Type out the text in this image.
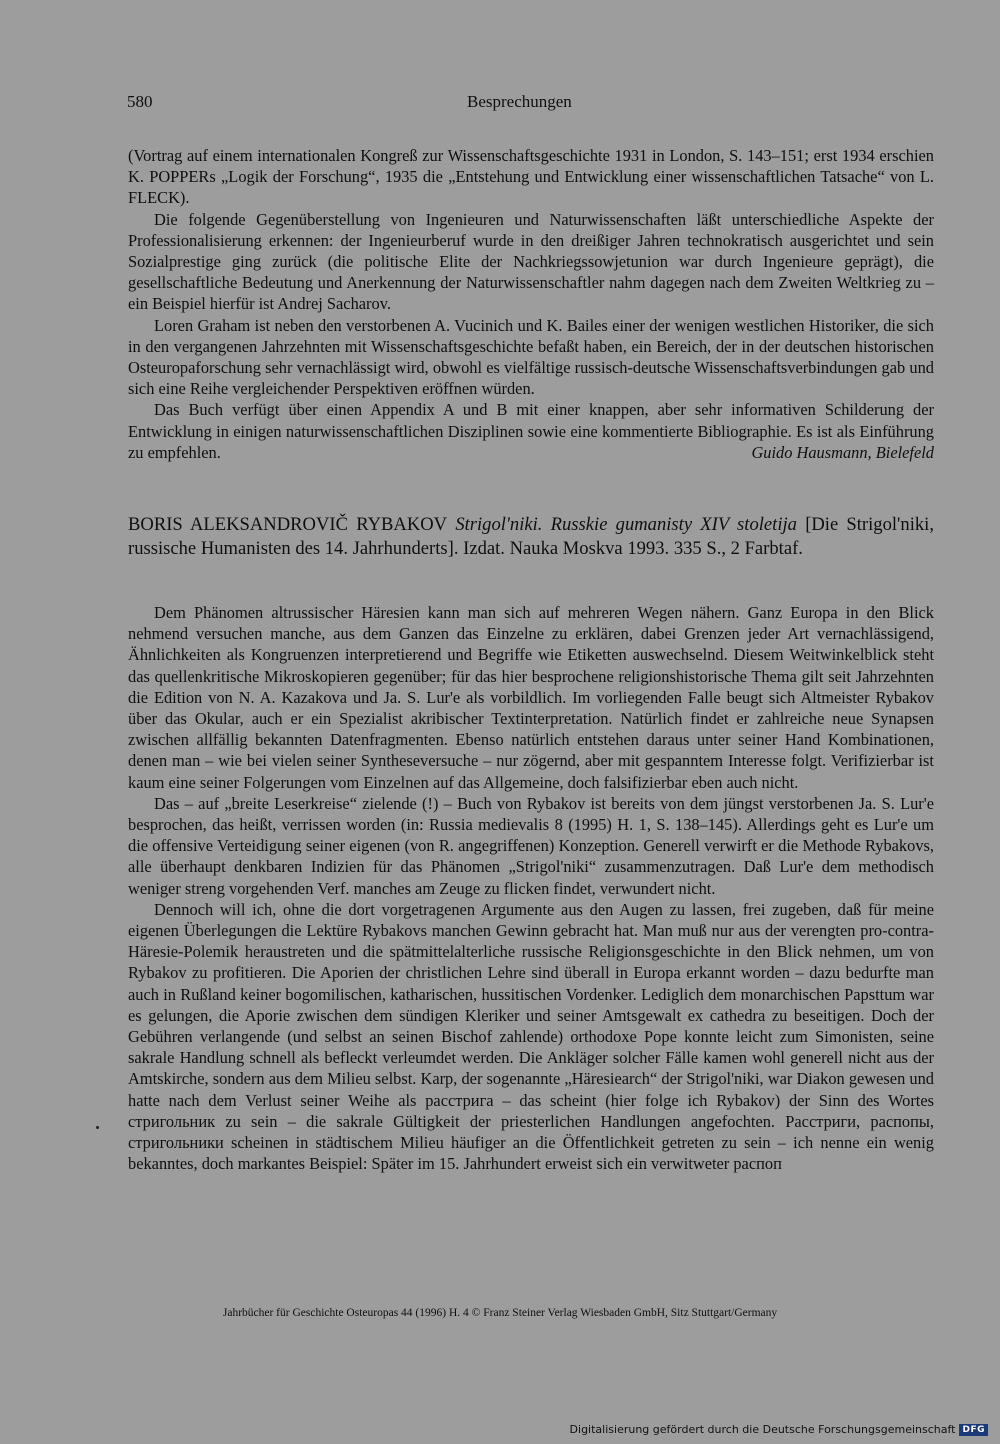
580	Besprechungen

(Vortrag auf einem internationalen Kongreß zur Wissenschaftsgeschichte 1931 in London, S. 143–151; erst 1934 erschien K. POPPERs „Logik der Forschung“, 1935 die „Entstehung und Entwicklung einer wissenschaftlichen Tatsache“ von L. FLECK).

Die folgende Gegenüberstellung von Ingenieuren und Naturwissenschaften läßt unterschiedliche Aspekte der Professionalisierung erkennen: der Ingenieurberuf wurde in den dreißiger Jahren technokratisch ausgerichtet und sein Sozialprestige ging zurück (die politische Elite der Nachkriegssowjetunion war durch Ingenieure geprägt), die gesellschaftliche Bedeutung und Anerkennung der Naturwissenschaftler nahm dagegen nach dem Zweiten Weltkrieg zu – ein Beispiel hierfür ist Andrej Sacharov.

Loren Graham ist neben den verstorbenen A. Vucinich und K. Bailes einer der wenigen westlichen Historiker, die sich in den vergangenen Jahrzehnten mit Wissenschaftsgeschichte befaßt haben, ein Bereich, der in der deutschen historischen Osteuropaforschung sehr vernachlässigt wird, obwohl es vielfältige russisch-deutsche Wissenschaftsverbindungen gab und sich eine Reihe vergleichender Perspektiven eröffnen würden.

Das Buch verfügt über einen Appendix A und B mit einer knappen, aber sehr informativen Schilderung der Entwicklung in einigen naturwissenschaftlichen Disziplinen sowie eine kommentierte Bibliographie. Es ist als Einführung zu empfehlen.	Guido Hausmann, Bielefeld

BORIS ALEKSANDROVIČ RYBAKOV Strigol'niki. Russkie gumanisty XIV stoletija [Die Strigol'niki, russische Humanisten des 14. Jahrhunderts]. Izdat. Nauka Moskva 1993. 335 S., 2 Farbtaf.

Dem Phänomen altrussischer Häresien kann man sich auf mehreren Wegen nähern. Ganz Europa in den Blick nehmend versuchen manche, aus dem Ganzen das Einzelne zu erklären, dabei Grenzen jeder Art vernachlässigend, Ähnlichkeiten als Kongruenzen interpretierend und Begriffe wie Etiketten auswechselnd. Diesem Weitwinkelblick steht das quellenkritische Mikroskopieren gegenüber; für das hier besprochene religionshistorische Thema gilt seit Jahrzehnten die Edition von N. A. Kazakova und Ja. S. Lur'e als vorbildlich. Im vorliegenden Falle beugt sich Altmeister Rybakov über das Okular, auch er ein Spezialist akribischer Textinterpretation. Natürlich findet er zahlreiche neue Synapsen zwischen allfällig bekannten Datenfragmenten. Ebenso natürlich entstehen daraus unter seiner Hand Kombinationen, denen man – wie bei vielen seiner Syntheseversuche – nur zögernd, aber mit gespanntem Interesse folgt. Verifizierbar ist kaum eine seiner Folgerungen vom Einzelnen auf das Allgemeine, doch falsifizierbar eben auch nicht.

Das – auf „breite Leserkreise“ zielende (!) – Buch von Rybakov ist bereits von dem jüngst verstorbenen Ja. S. Lur'e besprochen, das heißt, verrissen worden (in: Russia medievalis 8 (1995) H. 1, S. 138–145). Allerdings geht es Lur'e um die offensive Verteidigung seiner eigenen (von R. angegriffenen) Konzeption. Generell verwirft er die Methode Rybakovs, alle überhaupt denkbaren Indizien für das Phänomen „Strigol'niki“ zusammenzutragen. Daß Lur'e dem methodisch weniger streng vorgehenden Verf. manches am Zeuge zu flicken findet, verwundert nicht.

Dennoch will ich, ohne die dort vorgetragenen Argumente aus den Augen zu lassen, frei zugeben, daß für meine eigenen Überlegungen die Lektüre Rybakovs manchen Gewinn gebracht hat. Man muß nur aus der verengten pro-contra-Häresie-Polemik heraustreten und die spätmittelalterliche russische Religionsgeschichte in den Blick nehmen, um von Rybakov zu profitieren. Die Aporien der christlichen Lehre sind überall in Europa erkannt worden – dazu bedurfte man auch in Rußland keiner bogomilischen, katharischen, hussitischen Vordenker. Lediglich dem monarchischen Papsttum war es gelungen, die Aporie zwischen dem sündigen Kleriker und seiner Amtsgewalt ex cathedra zu beseitigen. Doch der Gebühren verlangende (und selbst an seinen Bischof zahlende) orthodoxe Pope konnte leicht zum Simonisten, seine sakrale Handlung schnell als befleckt verleumdet werden. Die Ankläger solcher Fälle kamen wohl generell nicht aus der Amtskirche, sondern aus dem Milieu selbst. Karp, der sogenannte „Häresiearch“ der Strigol'niki, war Diakon gewesen und hatte nach dem Verlust seiner Weihe als расстрига – das scheint (hier folge ich Rybakov) der Sinn des Wortes стригольник zu sein – die sakrale Gültigkeit der priesterlichen Handlungen angefochten. Расстриги, распопы, стригольники scheinen in städtischem Milieu häufiger an die Öffentlichkeit getreten zu sein – ich nenne ein wenig bekanntes, doch markantes Beispiel: Später im 15. Jahrhundert erweist sich ein verwitweter распоп

Jahrbücher für Geschichte Osteuropas 44 (1996) H. 4 © Franz Steiner Verlag Wiesbaden GmbH, Sitz Stuttgart/Germany
Digitalisierung gefördert durch die Deutsche Forschungsgemeinschaft DFG
